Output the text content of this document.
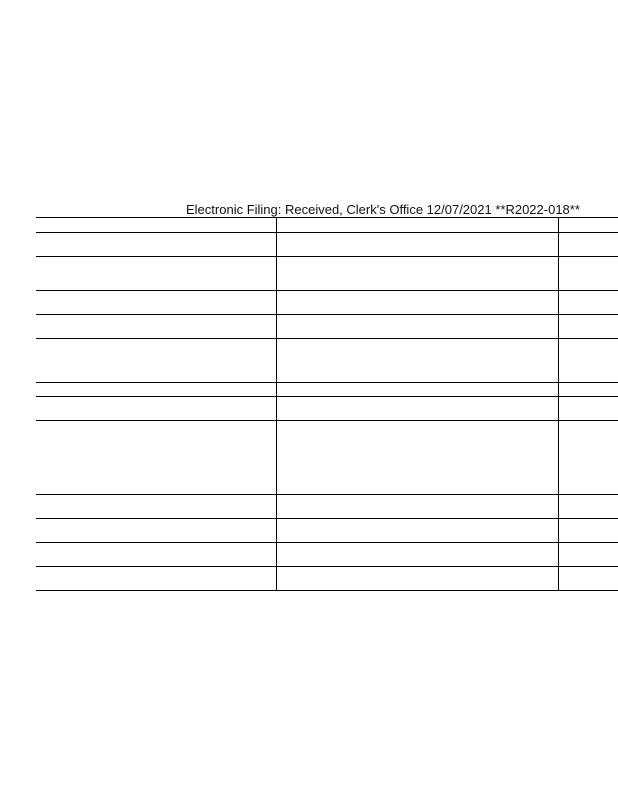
Electronic Filing: Received, Clerk's Office 12/07/2021 **R2022-018**
